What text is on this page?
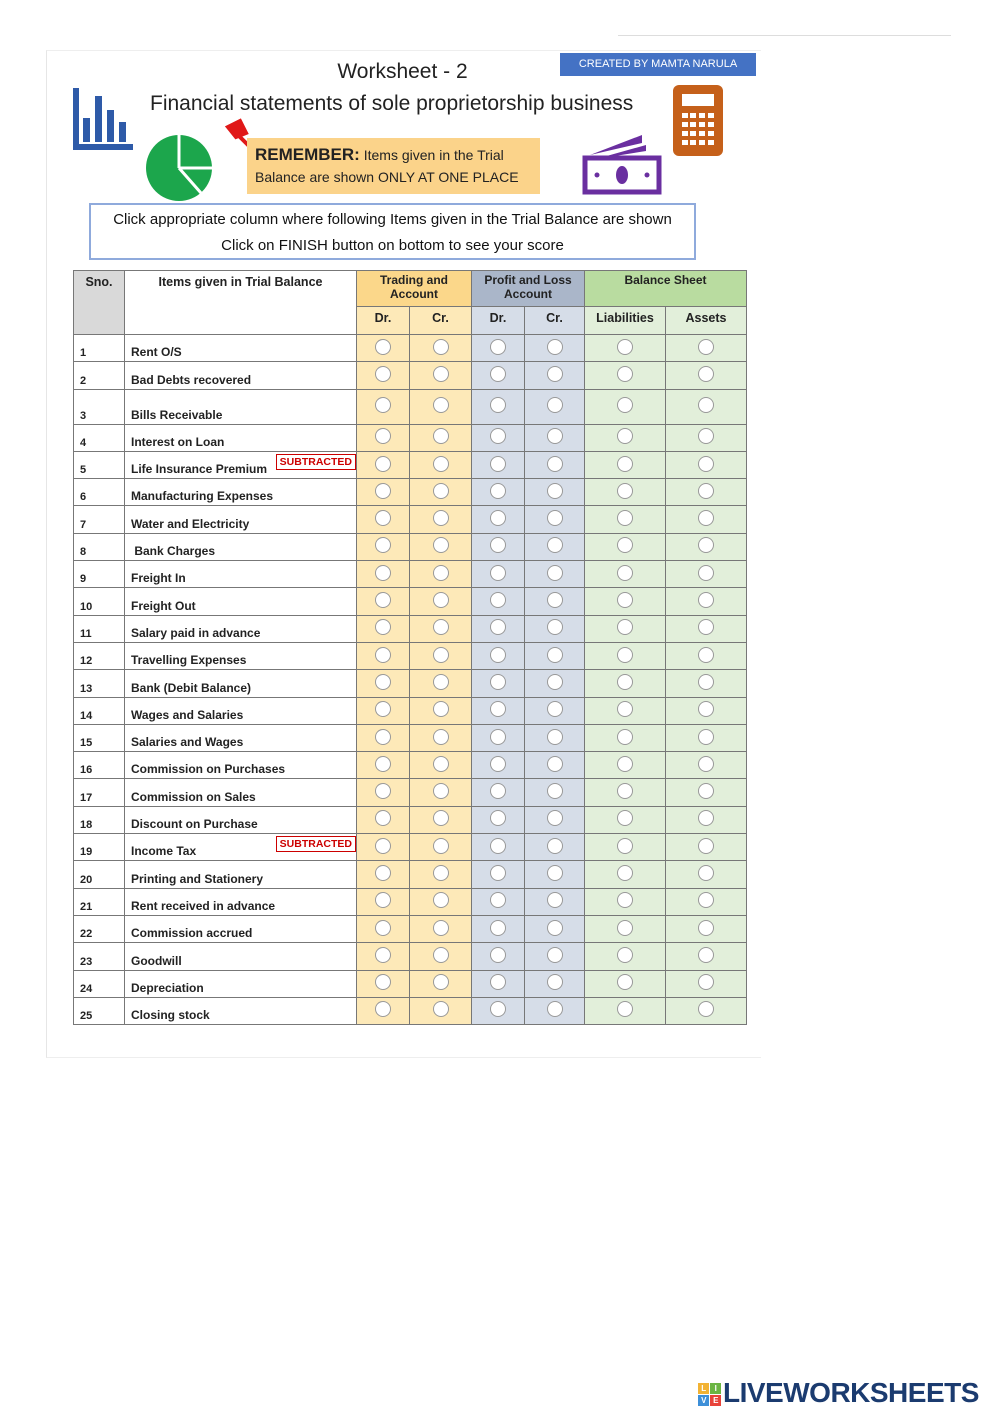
CREATED BY MAMTA NARULA
Worksheet - 2
Financial statements of sole proprietorship business
REMEMBER: Items given in the Trial
Balance are shown ONLY AT ONE PLACE
Click appropriate column where following Items given in the Trial Balance are shown
Click on FINISH button on bottom to see your score
Sno.	Items given in Trial Balance	Trading and Account		Profit and Loss Account		Balance Sheet	
		Dr.	Cr.	Dr.	Cr.	Liabilities	Assets
1	Rent O/S						
2	Bad Debts recovered						
3	Bills Receivable						
4	Interest on Loan						
5	Life Insurance Premium
SUBTRACTED						

6	Manufacturing Expenses						
7	Water and Electricity						
8	Bank Charges						
9	Freight In						
10	Freight Out						
11	Salary paid in advance						
12	Travelling Expenses						
13	Bank (Debit Balance)						
14	Wages and Salaries						
15	Salaries and Wages						
16	Commission on Purchases						
17	Commission on Sales						
18	Discount on Purchase						
19	Income Tax
SUBTRACTED						

20	Printing and Stationery						
21	Rent received in advance						
22	Commission accrued						
23	Goodwill						
24	Depreciation						
25	Closing stock						
L	I
V E LIVEWORKSHEETS
